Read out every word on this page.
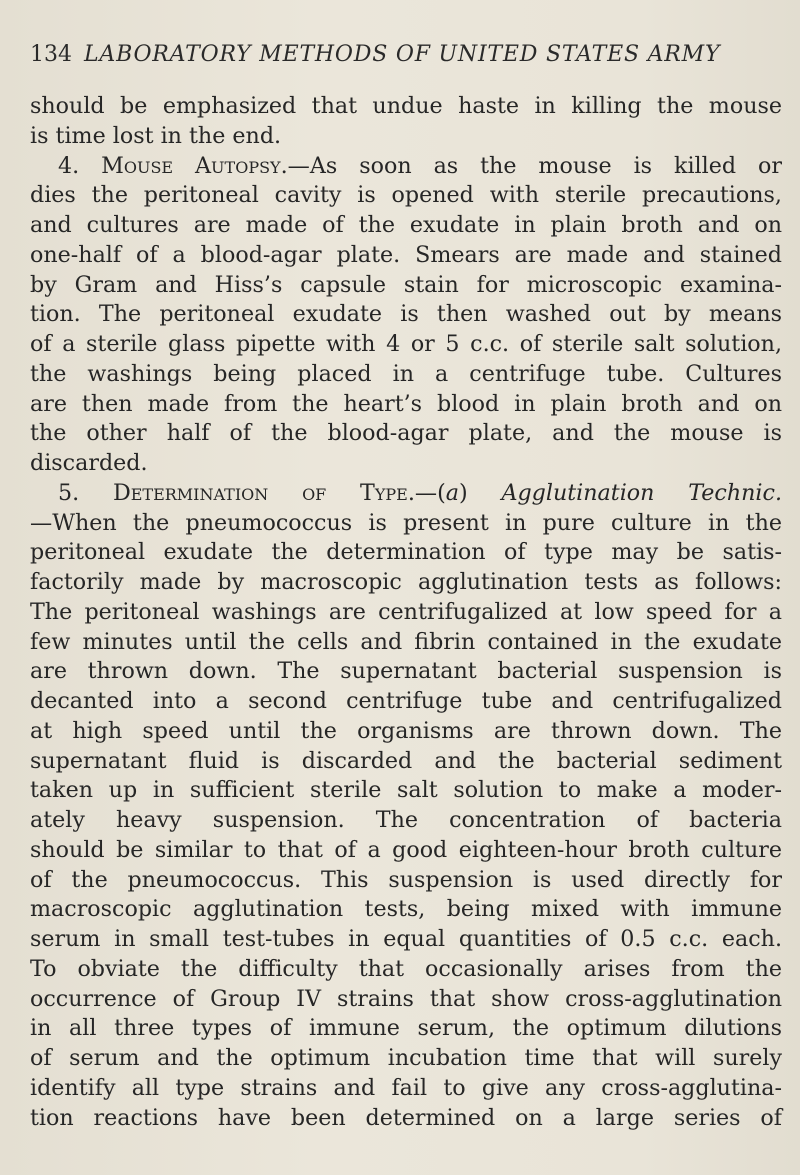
134 LABORATORY METHODS OF UNITED STATES ARMY
should be emphasized that undue haste in killing the mouse
is time lost in the end.
4. Mouse Autopsy.—As soon as the mouse is killed or
dies the peritoneal cavity is opened with sterile precautions,
and cultures are made of the exudate in plain broth and on
one-half of a blood-agar plate. Smears are made and stained
by Gram and Hiss’s capsule stain for microscopic examina-
tion. The peritoneal exudate is then washed out by means
of a sterile glass pipette with 4 or 5 c.c. of sterile salt solution,
the washings being placed in a centrifuge tube. Cultures
are then made from the heart’s blood in plain broth and on
the other half of the blood-agar plate, and the mouse is
discarded.
5. Determination of Type.—(a) Agglutination Technic.
—When the pneumococcus is present in pure culture in the
peritoneal exudate the determination of type may be satis-
factorily made by macroscopic agglutination tests as follows:
The peritoneal washings are centrifugalized at low speed for a
few minutes until the cells and fibrin contained in the exudate
are thrown down. The supernatant bacterial suspension is
decanted into a second centrifuge tube and centrifugalized
at high speed until the organisms are thrown down. The
supernatant fluid is discarded and the bacterial sediment
taken up in sufficient sterile salt solution to make a moder-
ately heavy suspension. The concentration of bacteria
should be similar to that of a good eighteen-hour broth culture
of the pneumococcus. This suspension is used directly for
macroscopic agglutination tests, being mixed with immune
serum in small test-tubes in equal quantities of 0.5 c.c. each.
To obviate the difficulty that occasionally arises from the
occurrence of Group IV strains that show cross-agglutination
in all three types of immune serum, the optimum dilutions
of serum and the optimum incubation time that will surely
identify all type strains and fail to give any cross-agglutina-
tion reactions have been determined on a large series of
